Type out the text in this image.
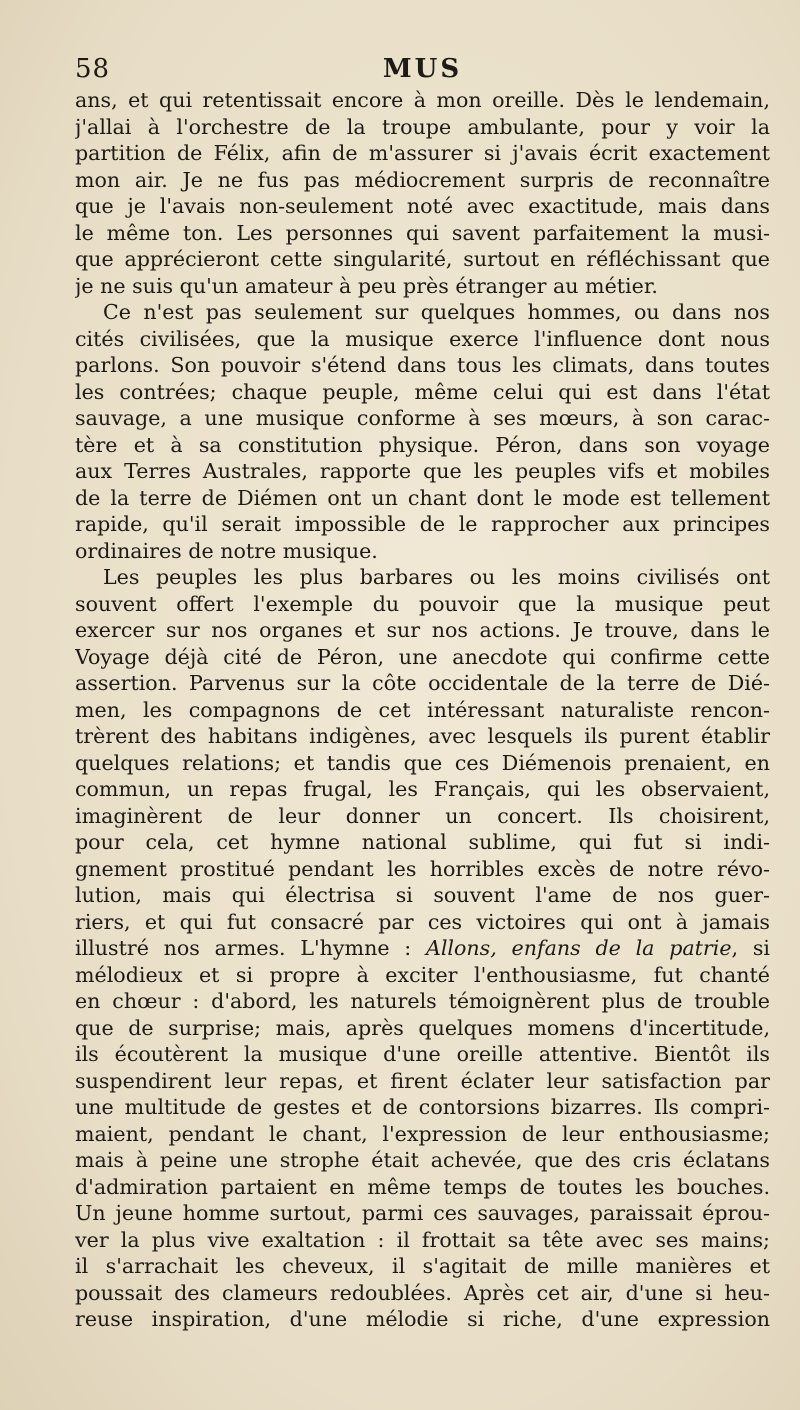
58	MUS
ans, et qui retentissait encore à mon oreille. Dès le lendemain,
j'allai à l'orchestre de la troupe ambulante, pour y voir la
partition de Félix, afin de m'assurer si j'avais écrit exactement
mon air. Je ne fus pas médiocrement surpris de reconnaître
que je l'avais non-seulement noté avec exactitude, mais dans
le même ton. Les personnes qui savent parfaitement la musi-
que apprécieront cette singularité, surtout en réfléchissant que
je ne suis qu'un amateur à peu près étranger au métier.
Ce n'est pas seulement sur quelques hommes, ou dans nos
cités civilisées, que la musique exerce l'influence dont nous
parlons. Son pouvoir s'étend dans tous les climats, dans toutes
les contrées; chaque peuple, même celui qui est dans l'état
sauvage, a une musique conforme à ses mœurs, à son carac-
tère et à sa constitution physique. Péron, dans son voyage
aux Terres Australes, rapporte que les peuples vifs et mobiles
de la terre de Diémen ont un chant dont le mode est tellement
rapide, qu'il serait impossible de le rapprocher aux principes
ordinaires de notre musique.
Les peuples les plus barbares ou les moins civilisés ont
souvent offert l'exemple du pouvoir que la musique peut
exercer sur nos organes et sur nos actions. Je trouve, dans le
Voyage déjà cité de Péron, une anecdote qui confirme cette
assertion. Parvenus sur la côte occidentale de la terre de Dié-
men, les compagnons de cet intéressant naturaliste rencon-
trèrent des habitans indigènes, avec lesquels ils purent établir
quelques relations; et tandis que ces Diémenois prenaient, en
commun, un repas frugal, les Français, qui les observaient,
imaginèrent de leur donner un concert. Ils choisirent,
pour cela, cet hymne national sublime, qui fut si indi-
gnement prostitué pendant les horribles excès de notre révo-
lution, mais qui électrisa si souvent l'ame de nos guer-
riers, et qui fut consacré par ces victoires qui ont à jamais
illustré nos armes. L'hymne : Allons, enfans de la patrie, si
mélodieux et si propre à exciter l'enthousiasme, fut chanté
en chœur : d'abord, les naturels témoignèrent plus de trouble
que de surprise; mais, après quelques momens d'incertitude,
ils écoutèrent la musique d'une oreille attentive. Bientôt ils
suspendirent leur repas, et firent éclater leur satisfaction par
une multitude de gestes et de contorsions bizarres. Ils compri-
maient, pendant le chant, l'expression de leur enthousiasme;
mais à peine une strophe était achevée, que des cris éclatans
d'admiration partaient en même temps de toutes les bouches.
Un jeune homme surtout, parmi ces sauvages, paraissait éprou-
ver la plus vive exaltation : il frottait sa tête avec ses mains;
il s'arrachait les cheveux, il s'agitait de mille manières et
poussait des clameurs redoublées. Après cet air, d'une si heu-
reuse inspiration, d'une mélodie si riche, d'une expression
